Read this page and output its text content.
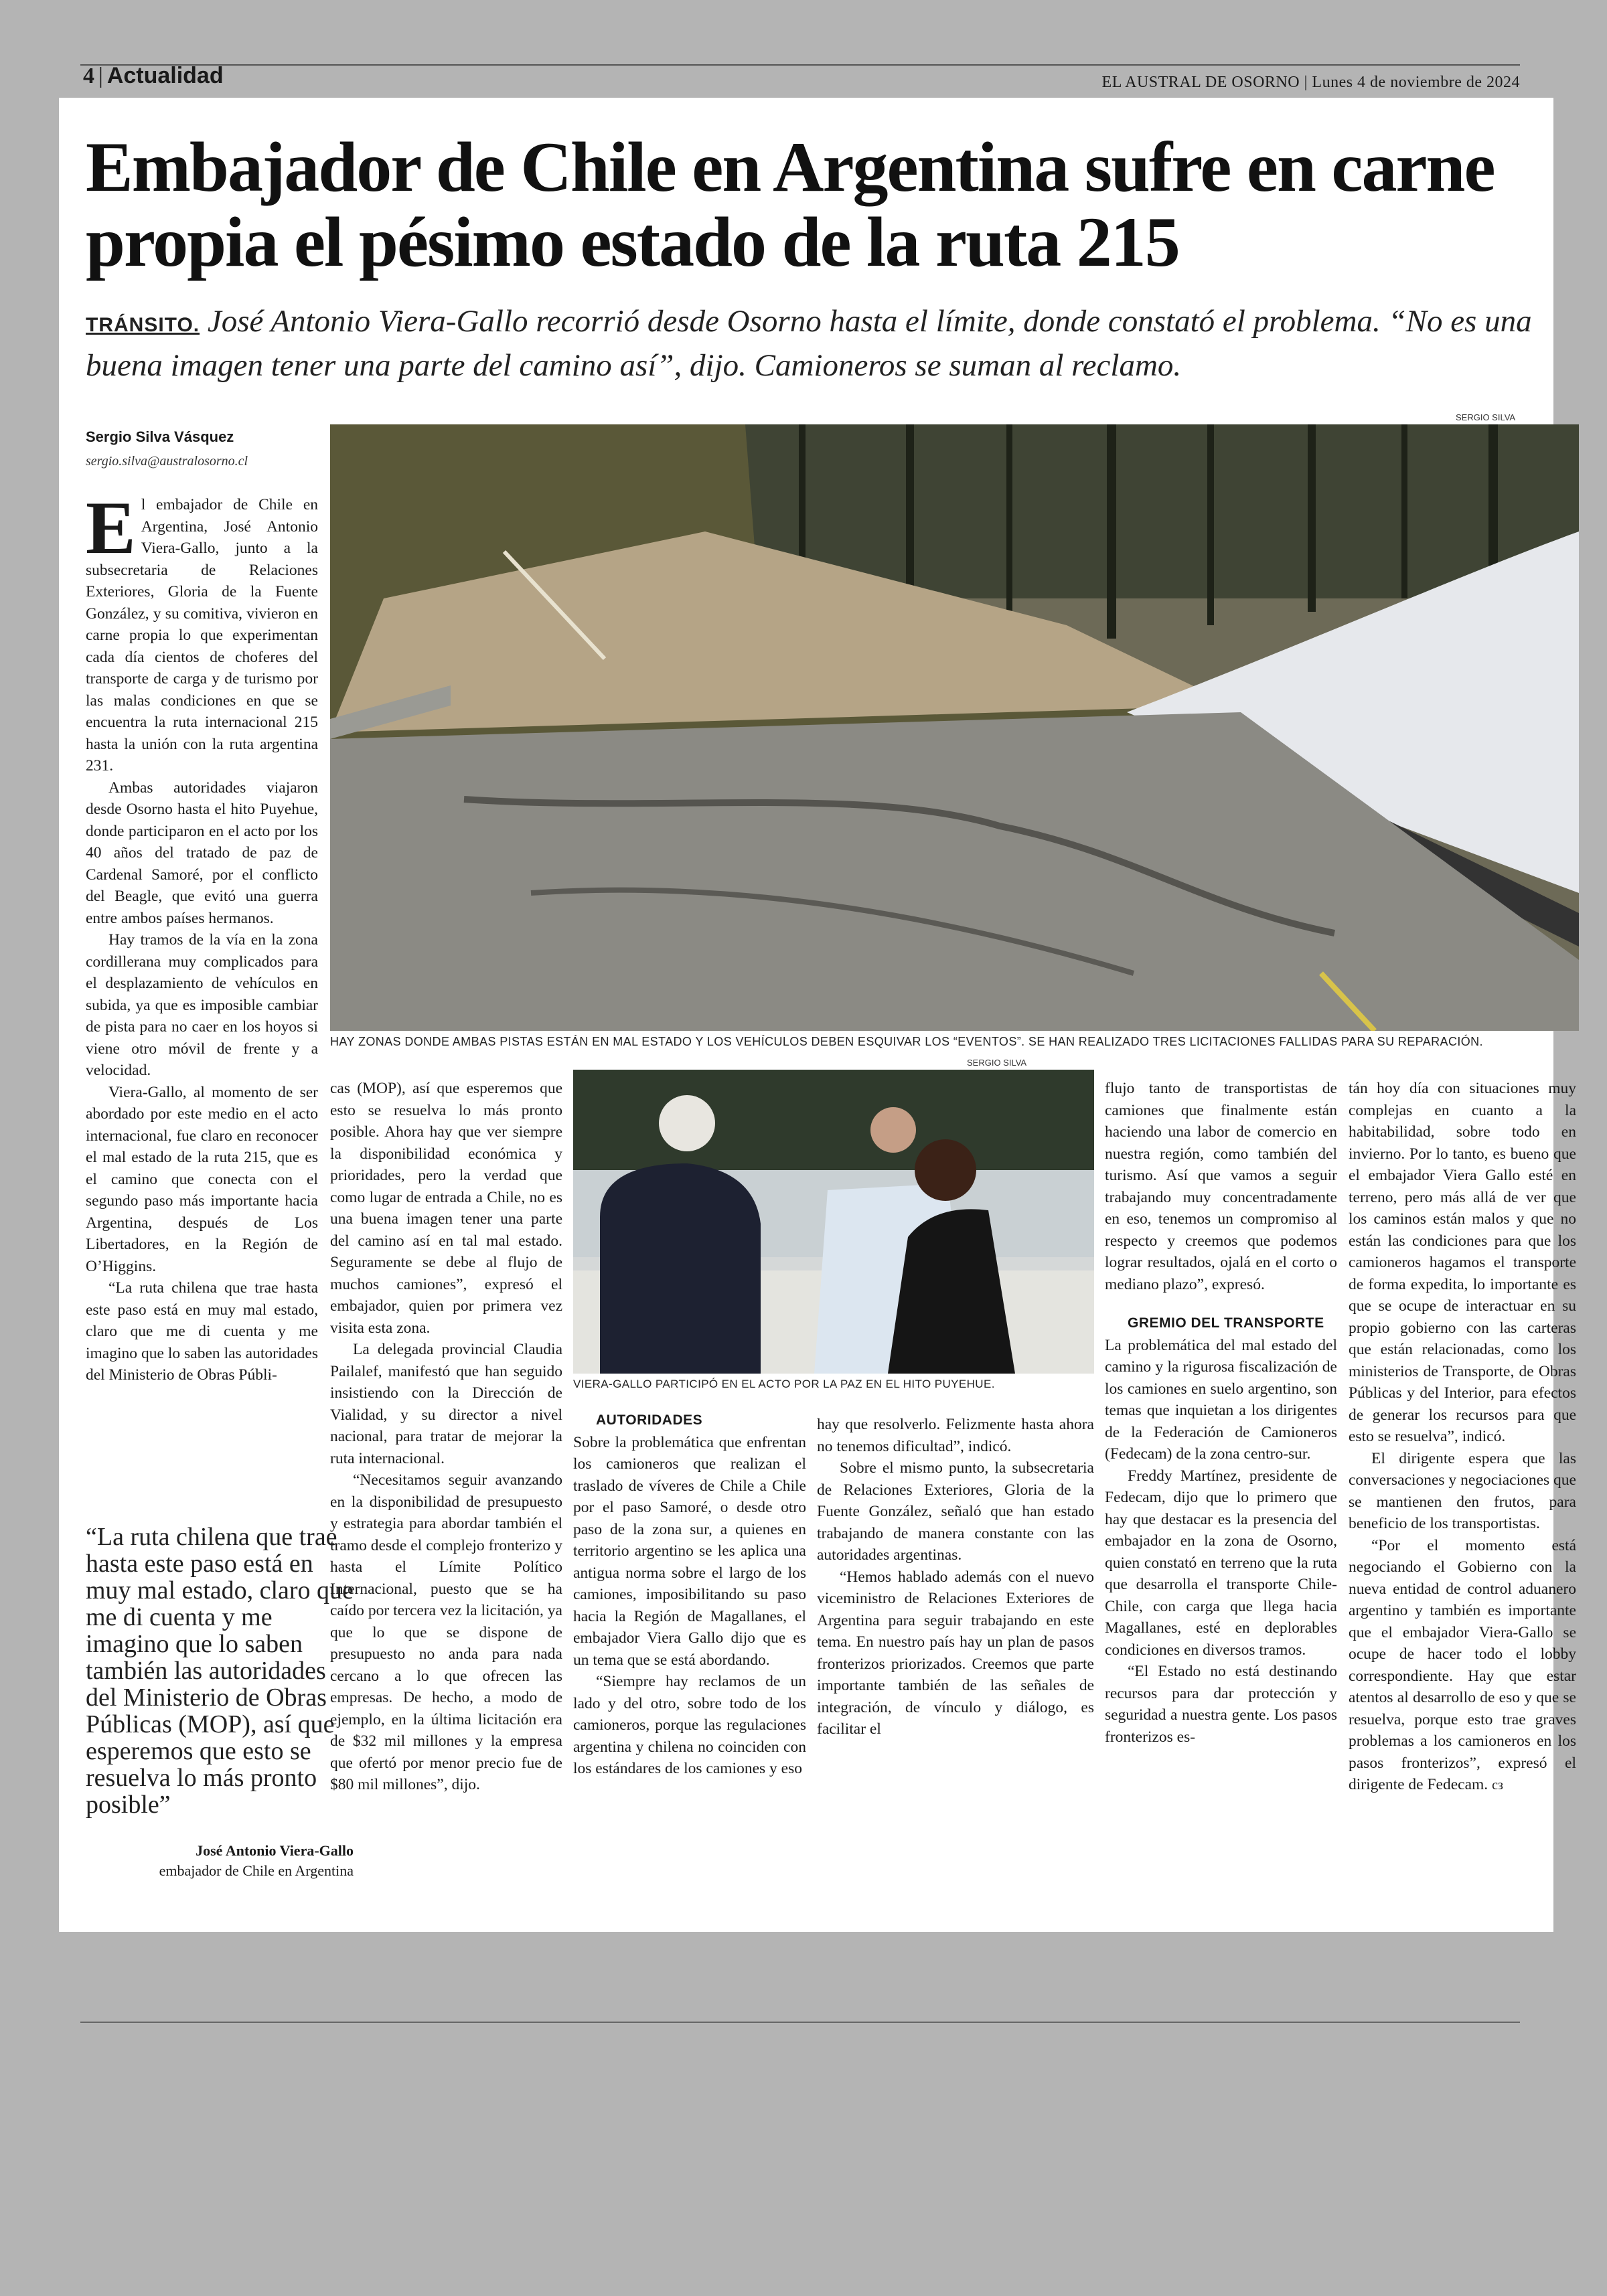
4 | Actualidad	EL AUSTRAL DE OSORNO | Lunes 4 de noviembre de 2024
Embajador de Chile en Argentina sufre en carne propia el pésimo estado de la ruta 215
TRÁNSITO. José Antonio Viera-Gallo recorrió desde Osorno hasta el límite, donde constató el problema. “No es una buena imagen tener una parte del camino así”, dijo. Camioneros se suman al reclamo.
Sergio Silva Vásquez
sergio.silva@australosorno.cl
SERGIO SILVA
HAY ZONAS DONDE AMBAS PISTAS ESTÁN EN MAL ESTADO Y LOS VEHÍCULOS DEBEN ESQUIVAR LOS “EVENTOS”. SE HAN REALIZADO TRES LICITACIONES FALLIDAS PARA SU REPARACIÓN.
SERGIO SILVA
VIERA-GALLO PARTICIPÓ EN EL ACTO POR LA PAZ EN EL HITO PUYEHUE.

El embajador de Chile en Argentina, José Antonio Viera-Gallo, junto a la subsecretaria de Relaciones Exteriores, Gloria de la Fuente González, y su comitiva, vivieron en carne propia lo que experimentan cada día cientos de choferes del transporte de carga y de turismo por las malas condiciones en que se encuentra la ruta internacional 215 hasta la unión con la ruta argentina 231.

Ambas autoridades viajaron desde Osorno hasta el hito Puyehue, donde participaron en el acto por los 40 años del tratado de paz de Cardenal Samoré, por el conflicto del Beagle, que evitó una guerra entre ambos países hermanos.

Hay tramos de la vía en la zona cordillerana muy complicados para el desplazamiento de vehículos en subida, ya que es imposible cambiar de pista para no caer en los hoyos si viene otro móvil de frente y a velocidad.

Viera-Gallo, al momento de ser abordado por este medio en el acto internacional, fue claro en reconocer el mal estado de la ruta 215, que es el camino que conecta con el segundo paso más importante hacia Argentina, después de Los Libertadores, en la Región de O’Higgins.

“La ruta chilena que trae hasta este paso está en muy mal estado, claro que me di cuenta y me imagino que lo saben las autoridades del Ministerio de Obras Públi-

“La ruta chilena que trae hasta este paso está en muy mal estado, claro que me di cuenta y me imagino que lo saben también las autoridades del Ministerio de Obras Públicas (MOP), así que esperemos que esto se resuelva lo más pronto posible”
José Antonio Viera-Gallo
embajador de Chile en Argentina

cas (MOP), así que esperemos que esto se resuelva lo más pronto posible. Ahora hay que ver siempre la disponibilidad económica y prioridades, pero la verdad que como lugar de entrada a Chile, no es una buena imagen tener una parte del camino así en tal mal estado. Seguramente se debe al flujo de muchos camiones”, expresó el embajador, quien por primera vez visita esta zona.

La delegada provincial Claudia Pailalef, manifestó que han seguido insistiendo con la Dirección de Vialidad, y su director a nivel nacional, para tratar de mejorar la ruta internacional.

“Necesitamos seguir avanzando en la disponibilidad de presupuesto y estrategia para abordar también el tramo desde el complejo fronterizo y hasta el Límite Político Internacional, puesto que se ha caído por tercera vez la licitación, ya que lo que se dispone de presupuesto no anda para nada cercano a lo que ofrecen las empresas. De hecho, a modo de ejemplo, en la última licitación era de $32 mil millones y la empresa que ofertó por menor precio fue de $80 mil millones”, dijo.

AUTORIDADES

Sobre la problemática que enfrentan los camioneros que realizan el traslado de víveres de Chile a Chile por el paso Samoré, o desde otro paso de la zona sur, a quienes en territorio argentino se les aplica una antigua norma sobre el largo de los camiones, imposibilitando su paso hacia la Región de Magallanes, el embajador Viera Gallo dijo que es un tema que se está abordando.

“Siempre hay reclamos de un lado y del otro, sobre todo de los camioneros, porque las regulaciones argentina y chilena no coinciden con los estándares de los camiones y eso

hay que resolverlo. Felizmente hasta ahora no tenemos dificultad”, indicó.

Sobre el mismo punto, la subsecretaria de Relaciones Exteriores, Gloria de la Fuente González, señaló que han estado trabajando de manera constante con las autoridades argentinas.

“Hemos hablado además con el nuevo viceministro de Relaciones Exteriores de Argentina para seguir trabajando en este tema. En nuestro país hay un plan de pasos fronterizos priorizados. Creemos que parte importante también de las señales de integración, de vínculo y diálogo, es facilitar el

flujo tanto de transportistas de camiones que finalmente están haciendo una labor de comercio en nuestra región, como también del turismo. Así que vamos a seguir trabajando muy concentradamente en eso, tenemos un compromiso al respecto y creemos que podemos lograr resultados, ojalá en el corto o mediano plazo”, expresó.

GREMIO DEL TRANSPORTE

La problemática del mal estado del camino y la rigurosa fiscalización de los camiones en suelo argentino, son temas que inquietan a los dirigentes de la Federación de Camioneros (Fedecam) de la zona centro-sur.

Freddy Martínez, presidente de Fedecam, dijo que lo primero que hay que destacar es la presencia del embajador en la zona de Osorno, quien constató en terreno que la ruta que desarrolla el transporte Chile-Chile, con carga que llega hacia Magallanes, esté en deplorables condiciones en diversos tramos.

“El Estado no está destinando recursos para dar protección y seguridad a nuestra gente. Los pasos fronterizos es-

tán hoy día con situaciones muy complejas en cuanto a la habitabilidad, sobre todo en invierno. Por lo tanto, es bueno que el embajador Viera Gallo esté en terreno, pero más allá de ver que los caminos están malos y que no están las condiciones para que los camioneros hagamos el transporte de forma expedita, lo importante es que se ocupe de interactuar en su propio gobierno con las carteras que están relacionadas, como los ministerios de Transporte, de Obras Públicas y del Interior, para efectos de generar los recursos para que esto se resuelva”, indicó.

El dirigente espera que las conversaciones y negociaciones que se mantienen den frutos, para beneficio de los transportistas.

“Por el momento está negociando el Gobierno con la nueva entidad de control aduanero argentino y también es importante que el embajador Viera-Gallo se ocupe de hacer todo el lobby correspondiente. Hay que estar atentos al desarrollo de eso y que se resuelva, porque esto trae graves problemas a los camioneros en los pasos fronterizos”, expresó el dirigente de Fedecam. cз
